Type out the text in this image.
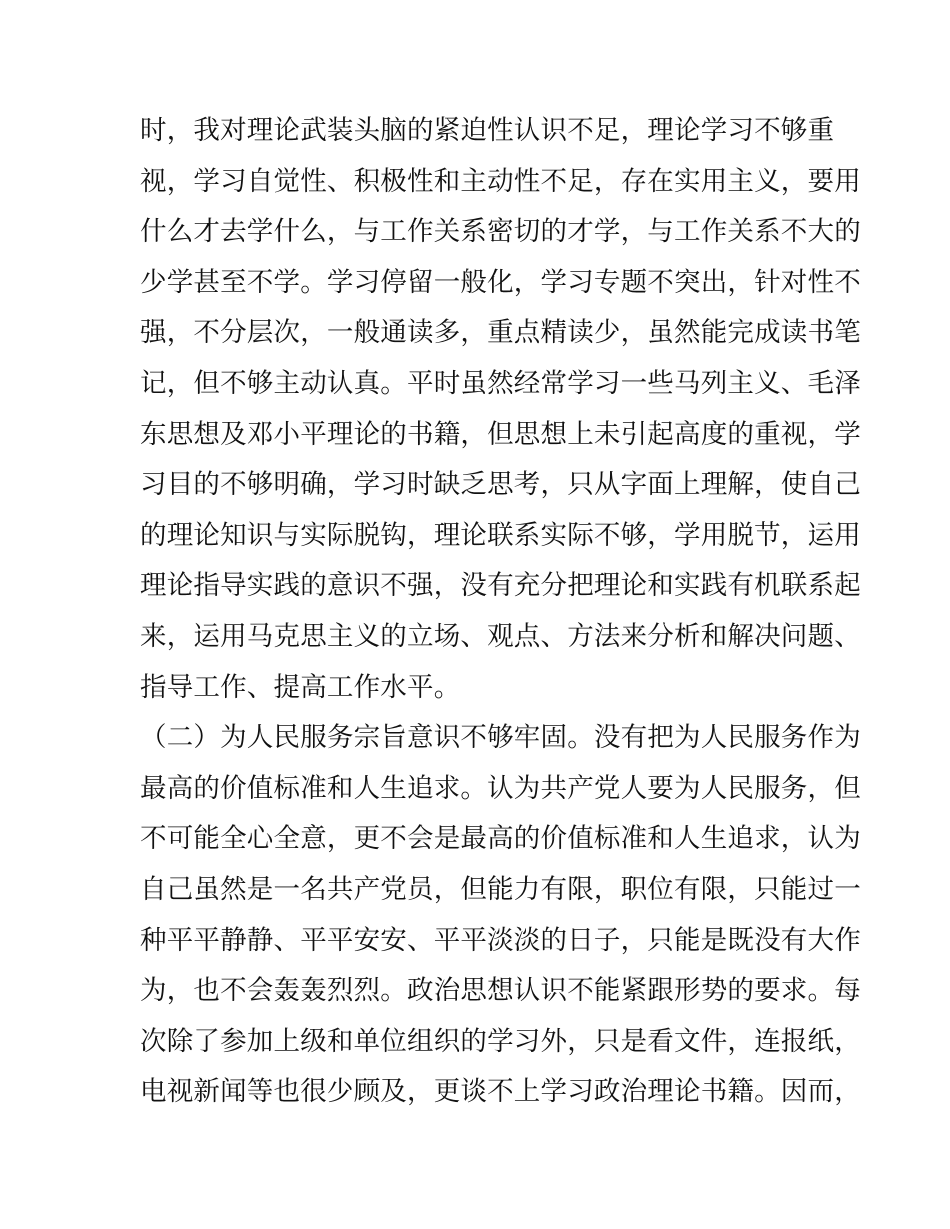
时，我对理论武装头脑的紧迫性认识不足，理论学习不够重
视，学习自觉性、积极性和主动性不足，存在实用主义，要用
什么才去学什么，与工作关系密切的才学，与工作关系不大的
少学甚至不学。学习停留一般化，学习专题不突出，针对性不
强，不分层次，一般通读多，重点精读少，虽然能完成读书笔
记，但不够主动认真。平时虽然经常学习一些马列主义、毛泽
东思想及邓小平理论的书籍，但思想上未引起高度的重视，学
习目的不够明确，学习时缺乏思考，只从字面上理解，使自己
的理论知识与实际脱钩，理论联系实际不够，学用脱节，运用
理论指导实践的意识不强，没有充分把理论和实践有机联系起
来，运用马克思主义的立场、观点、方法来分析和解决问题、
指导工作、提高工作水平。
（二）为人民服务宗旨意识不够牢固。没有把为人民服务作为
最高的价值标准和人生追求。认为共产党人要为人民服务，但
不可能全心全意，更不会是最高的价值标准和人生追求，认为
自己虽然是一名共产党员，但能力有限，职位有限，只能过一
种平平静静、平平安安、平平淡淡的日子，只能是既没有大作
为，也不会轰轰烈烈。政治思想认识不能紧跟形势的要求。每
次除了参加上级和单位组织的学习外，只是看文件，连报纸，
电视新闻等也很少顾及，更谈不上学习政治理论书籍。因而，
